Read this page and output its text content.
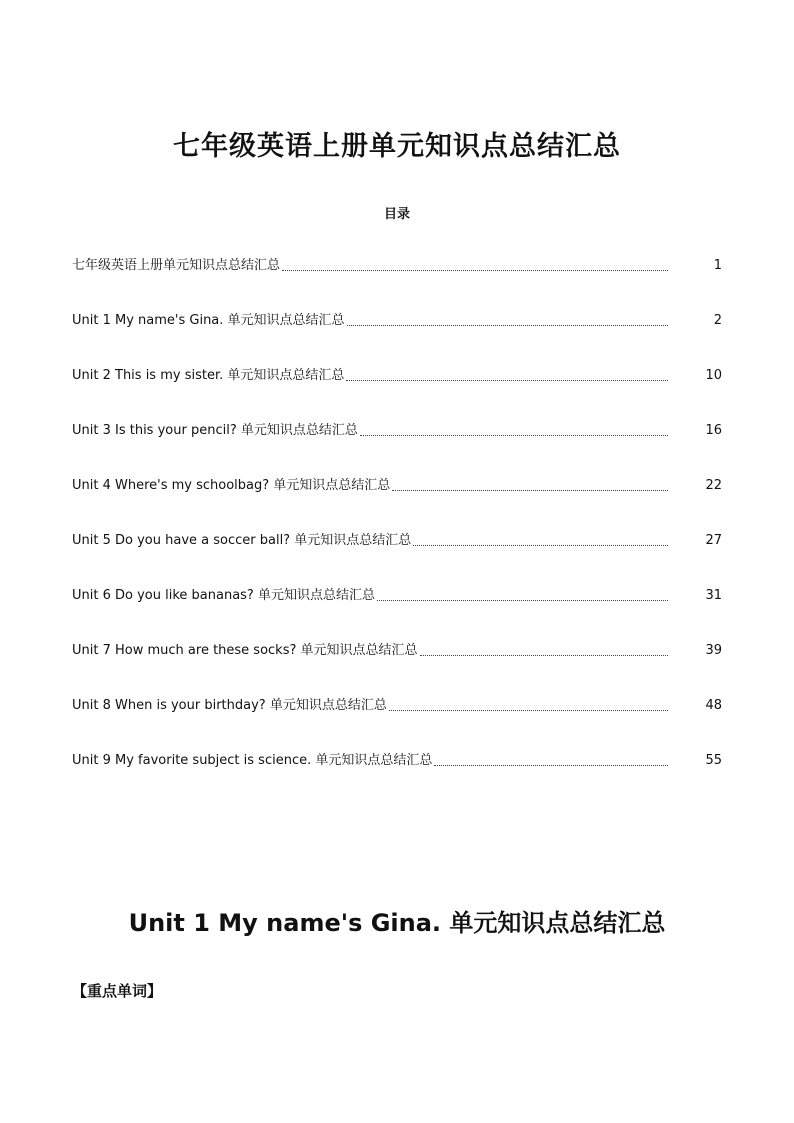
七年级英语上册单元知识点总结汇总
目录
七年级英语上册单元知识点总结汇总	1
Unit 1 My name's Gina. 单元知识点总结汇总	2
Unit 2 This is my sister. 单元知识点总结汇总	10
Unit 3 Is this your pencil? 单元知识点总结汇总	16
Unit 4 Where's my schoolbag? 单元知识点总结汇总	22
Unit 5 Do you have a soccer ball? 单元知识点总结汇总	27
Unit 6 Do you like bananas? 单元知识点总结汇总	31
Unit 7 How much are these socks? 单元知识点总结汇总	39
Unit 8 When is your birthday? 单元知识点总结汇总	48
Unit 9 My favorite subject is science. 单元知识点总结汇总	55
Unit 1 My name's Gina. 单元知识点总结汇总

【重点单词】
